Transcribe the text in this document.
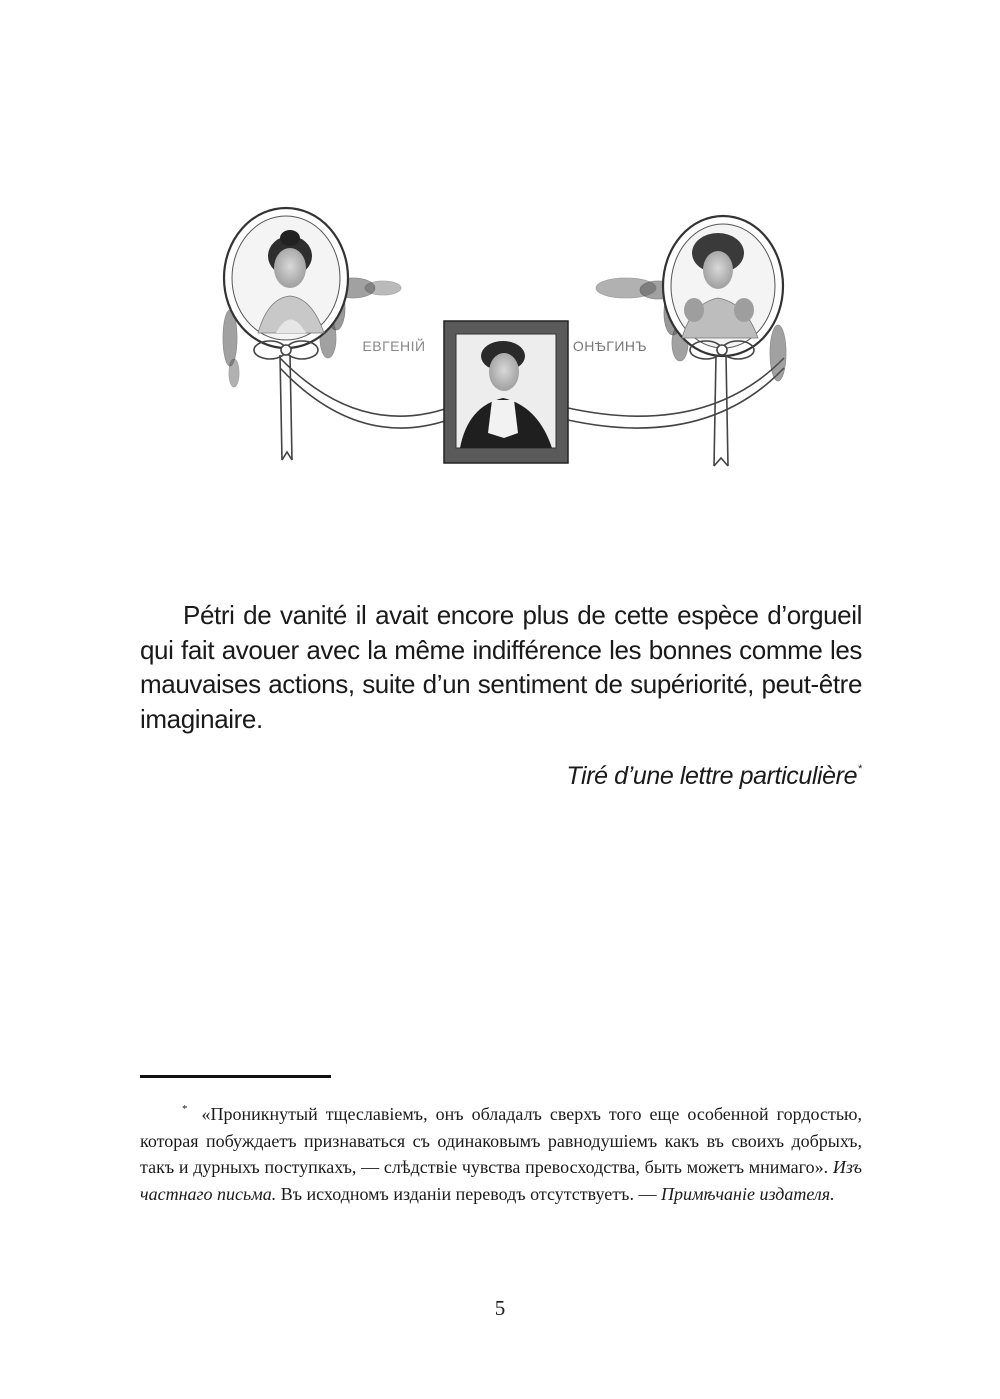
ЕВГЕНІЙ	ОНѢГИНЪ

Pétri de vanité il avait encore plus de cette espèce d’orgueil qui fait avouer avec la même indifférence les bonnes comme les mauvaises actions, suite d’un sentiment de supériorité, peut-être imaginaire.

Tiré d’une lettre particulière*

* «Проникнутый тщеславіемъ, онъ обладалъ сверхъ того еще особенной гордостью, которая побуждаетъ признаваться съ одинаковымъ равнодушіемъ какъ въ своихъ добрыхъ, такъ и дурныхъ поступкахъ, — слѣдствіе чувства превосходства, быть можетъ мнимаго». Изъ частнаго письма. Въ исходномъ изданіи переводъ отсутствуетъ. — Примѣчаніе издателя.

5
